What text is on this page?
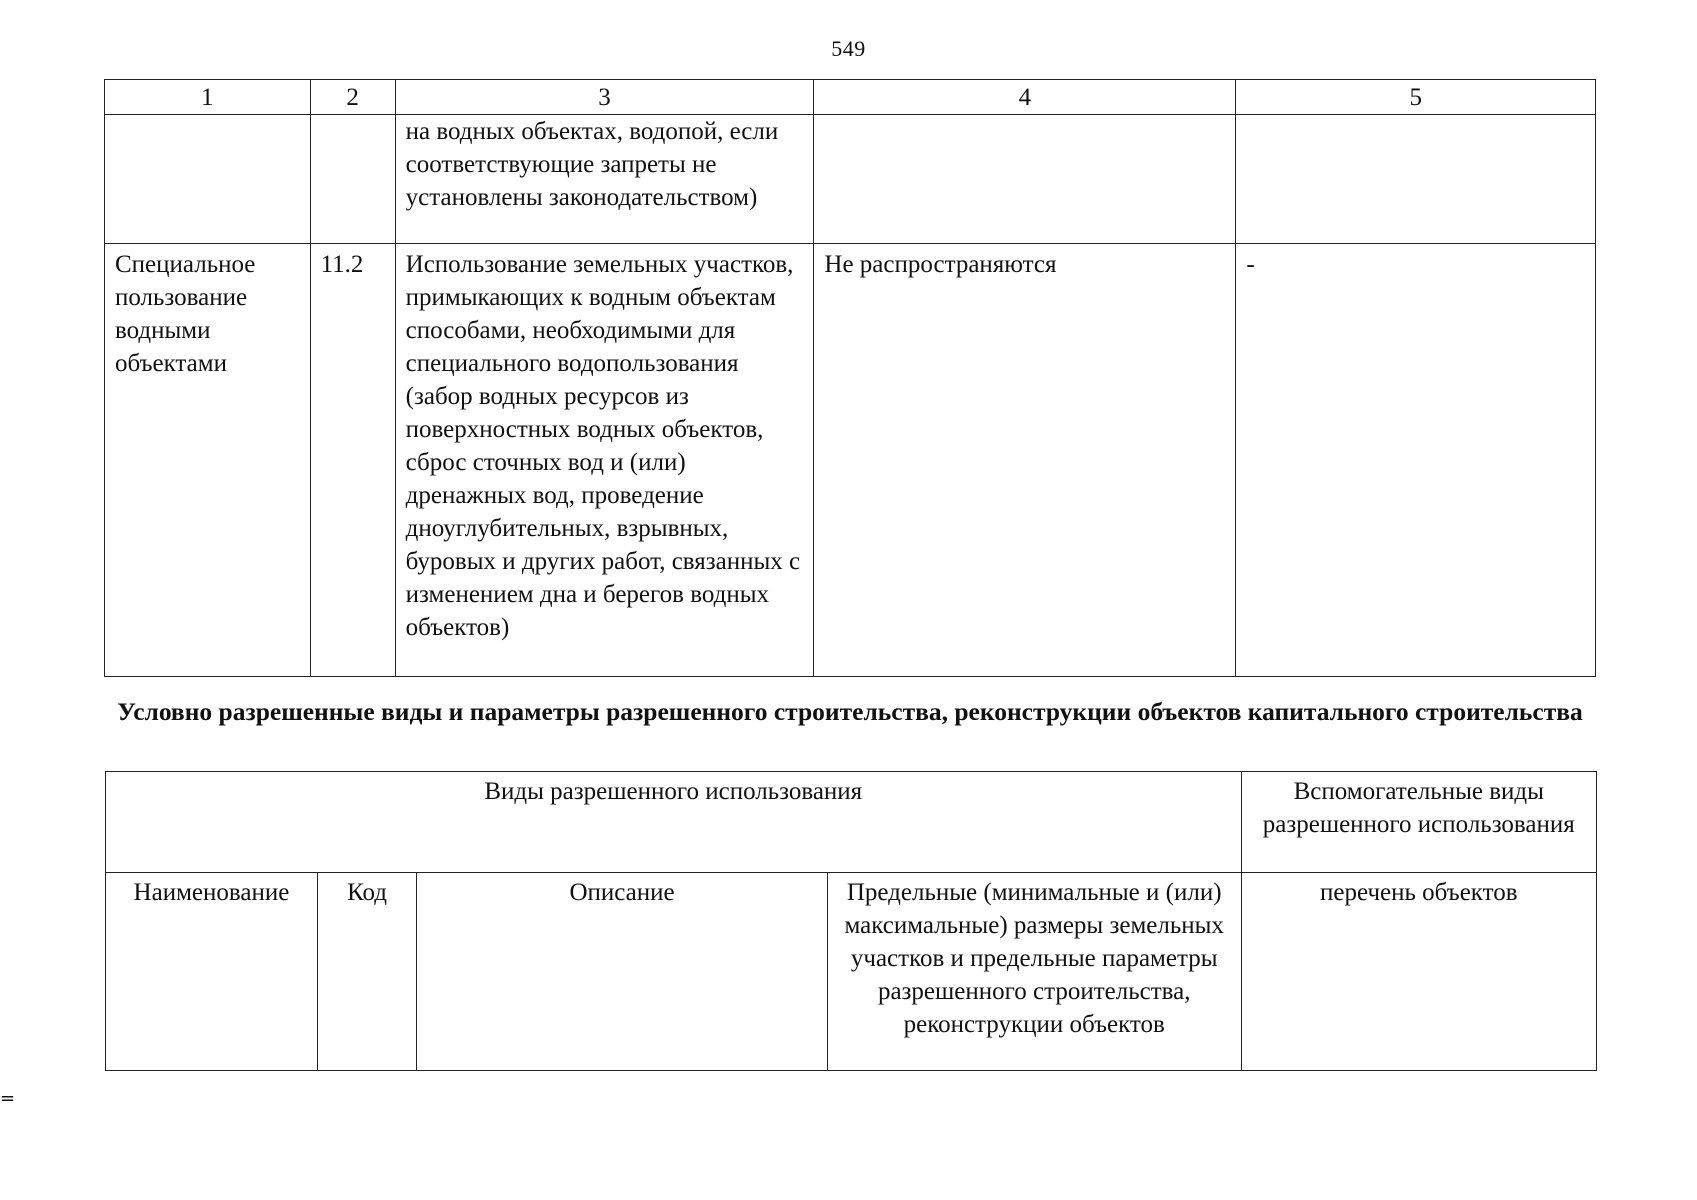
549
1	2	3	4	5
		на водных объектах, водопой, если соответствующие запреты не установлены законодательством)		
Специальное пользование водными объектами	11.2	Использование земельных участков, примыкающих к водным объектам способами, необходимыми для специального водопользования (забор водных ресурсов из поверхностных водных объектов, сброс сточных вод и (или) дренажных вод, проведение дноуглубительных, взрывных, буровых и других работ, связанных с изменением дна и берегов водных объектов)	Не распространяются	-
Условно разрешенные виды и параметры разрешенного строительства, реконструкции объектов капитального строительства
Виды разрешенного использования				Вспомогательные виды разрешенного использования
Наименование	Код	Описание	Предельные (минимальные и (или) максимальные) размеры земельных участков и предельные параметры разрешенного строительства, реконструкции объектов	перечень объектов
=
